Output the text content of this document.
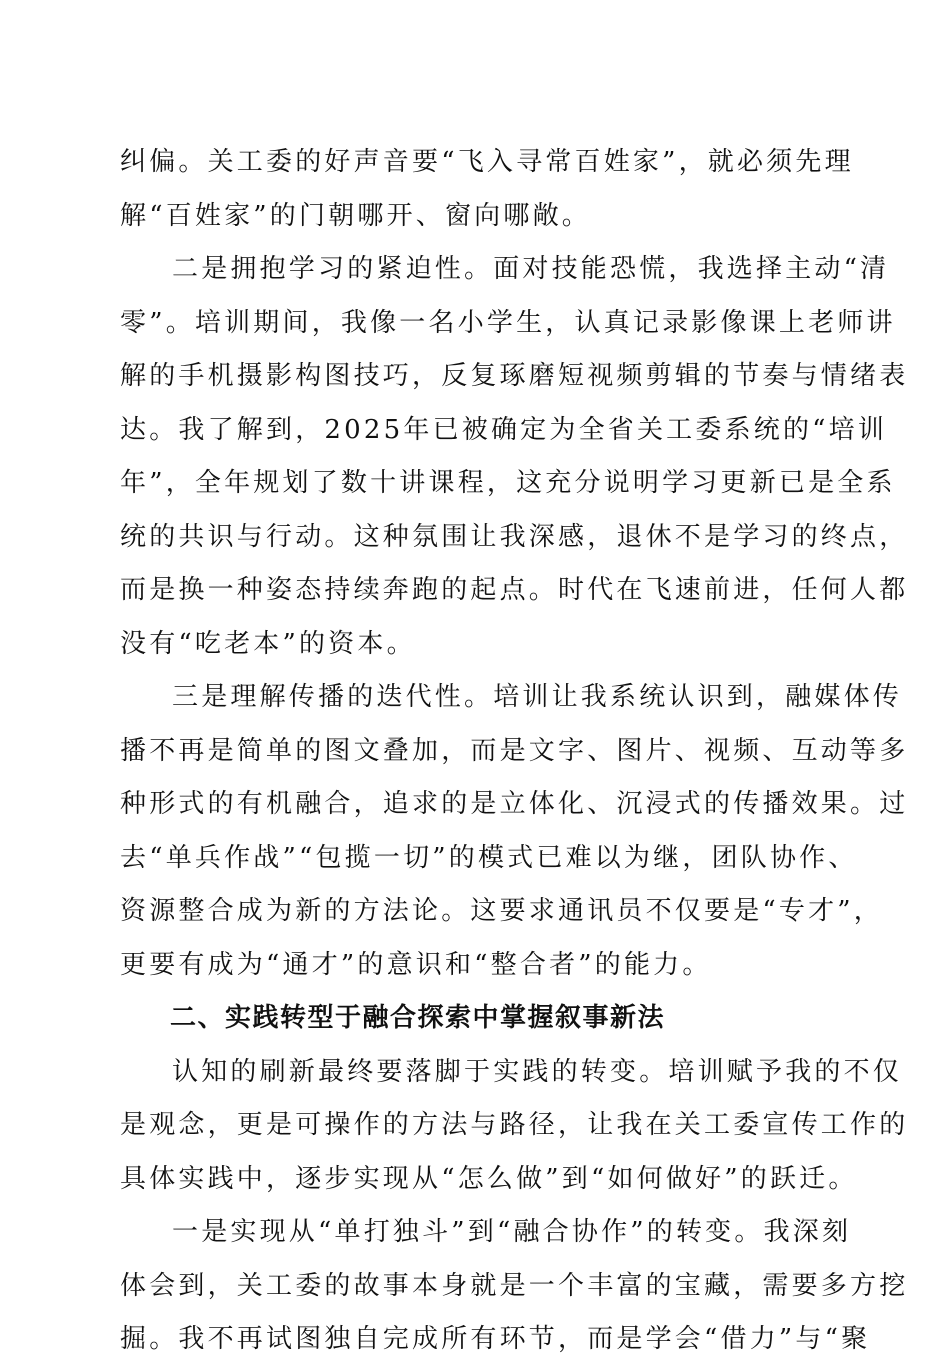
纠偏。关工委的好声音要“飞入寻常百姓家”，就必须先理
解“百姓家”的门朝哪开、窗向哪敞。
二是拥抱学习的紧迫性。面对技能恐慌，我选择主动“清
零”。培训期间，我像一名小学生，认真记录影像课上老师讲
解的手机摄影构图技巧，反复琢磨短视频剪辑的节奏与情绪表
达。我了解到，2025年已被确定为全省关工委系统的“培训
年”，全年规划了数十讲课程，这充分说明学习更新已是全系
统的共识与行动。这种氛围让我深感，退休不是学习的终点，
而是换一种姿态持续奔跑的起点。时代在飞速前进，任何人都
没有“吃老本”的资本。
三是理解传播的迭代性。培训让我系统认识到，融媒体传
播不再是简单的图文叠加，而是文字、图片、视频、互动等多
种形式的有机融合，追求的是立体化、沉浸式的传播效果。过
去“单兵作战”“包揽一切”的模式已难以为继，团队协作、
资源整合成为新的方法论。这要求通讯员不仅要是“专才”，
更要有成为“通才”的意识和“整合者”的能力。
二、实践转型于融合探索中掌握叙事新法
认知的刷新最终要落脚于实践的转变。培训赋予我的不仅
是观念，更是可操作的方法与路径，让我在关工委宣传工作的
具体实践中，逐步实现从“怎么做”到“如何做好”的跃迁。
一是实现从“单打独斗”到“融合协作”的转变。我深刻
体会到，关工委的故事本身就是一个丰富的宝藏，需要多方挖
掘。我不再试图独自完成所有环节，而是学会“借力”与“聚
